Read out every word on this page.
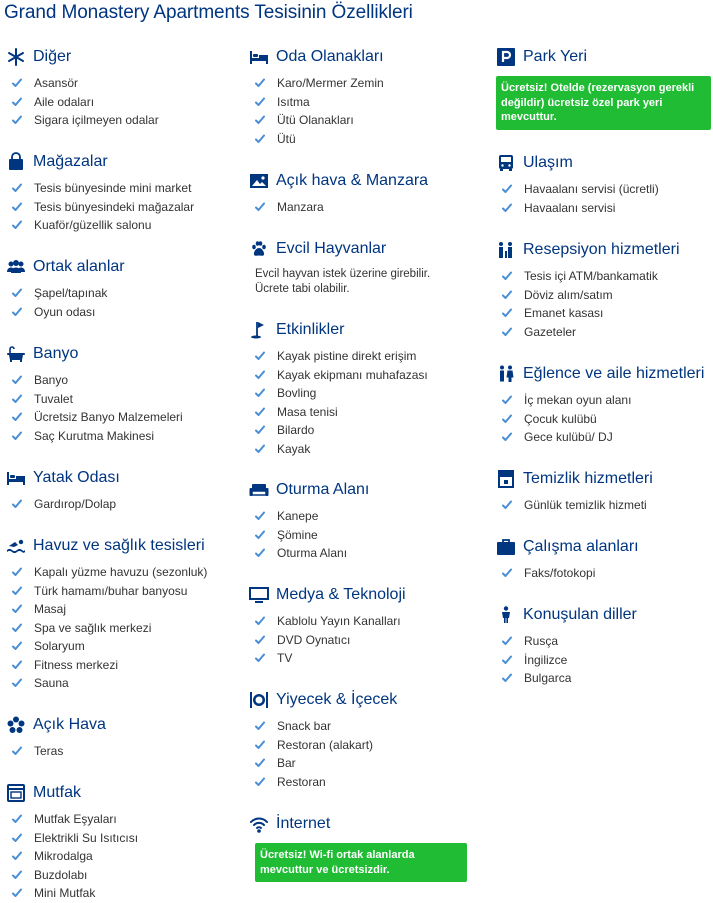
Grand Monastery Apartments Tesisinin Özellikleri
Diğer
Asansör
Aile odaları
Sigara içilmeyen odalar
Mağazalar
Tesis bünyesinde mini market
Tesis bünyesindeki mağazalar
Kuaför/güzellik salonu
Ortak alanlar
Şapel/tapınak
Oyun odası
Banyo
Banyo
Tuvalet
Ücretsiz Banyo Malzemeleri
Saç Kurutma Makinesi
Yatak Odası
Gardırop/Dolap
Havuz ve sağlık tesisleri
Kapalı yüzme havuzu (sezonluk)
Türk hamamı/buhar banyosu
Masaj
Spa ve sağlık merkezi
Solaryum
Fitness merkezi
Sauna
Açık Hava
Teras
Mutfak
Mutfak Eşyaları
Elektrikli Su Isıtıcısı
Mikrodalga
Buzdolabı
Mini Mutfak
Oda Olanakları
Karo/Mermer Zemin
Isıtma
Ütü Olanakları
Ütü
Açık hava & Manzara
Manzara
Evcil Hayvanlar
Evcil hayvan istek üzerine girebilir. Ücrete tabi olabilir.
Etkinlikler
Kayak pistine direkt erişim
Kayak ekipmanı muhafazası
Bovling
Masa tenisi
Bilardo
Kayak
Oturma Alanı
Kanepe
Şömine
Oturma Alanı
Medya & Teknoloji
Kablolu Yayın Kanalları
DVD Oynatıcı
TV
Yiyecek & İçecek
Snack bar
Restoran (alakart)
Bar
Restoran
İnternet
Ücretsiz! Wi-fi ortak alanlarda mevcuttur ve ücretsizdir.
Park Yeri
Ücretsiz! Otelde (rezervasyon gerekli değildir) ücretsiz özel park yeri mevcuttur.
Ulaşım
Havaalanı servisi (ücretli)
Havaalanı servisi
Resepsiyon hizmetleri
Tesis içi ATM/bankamatik
Döviz alım/satım
Emanet kasası
Gazeteler
Eğlence ve aile hizmetleri
İç mekan oyun alanı
Çocuk kulübü
Gece kulübü/ DJ
Temizlik hizmetleri
Günlük temizlik hizmeti
Çalışma alanları
Faks/fotokopi
Konuşulan diller
Rusça
İngilizce
Bulgarca
